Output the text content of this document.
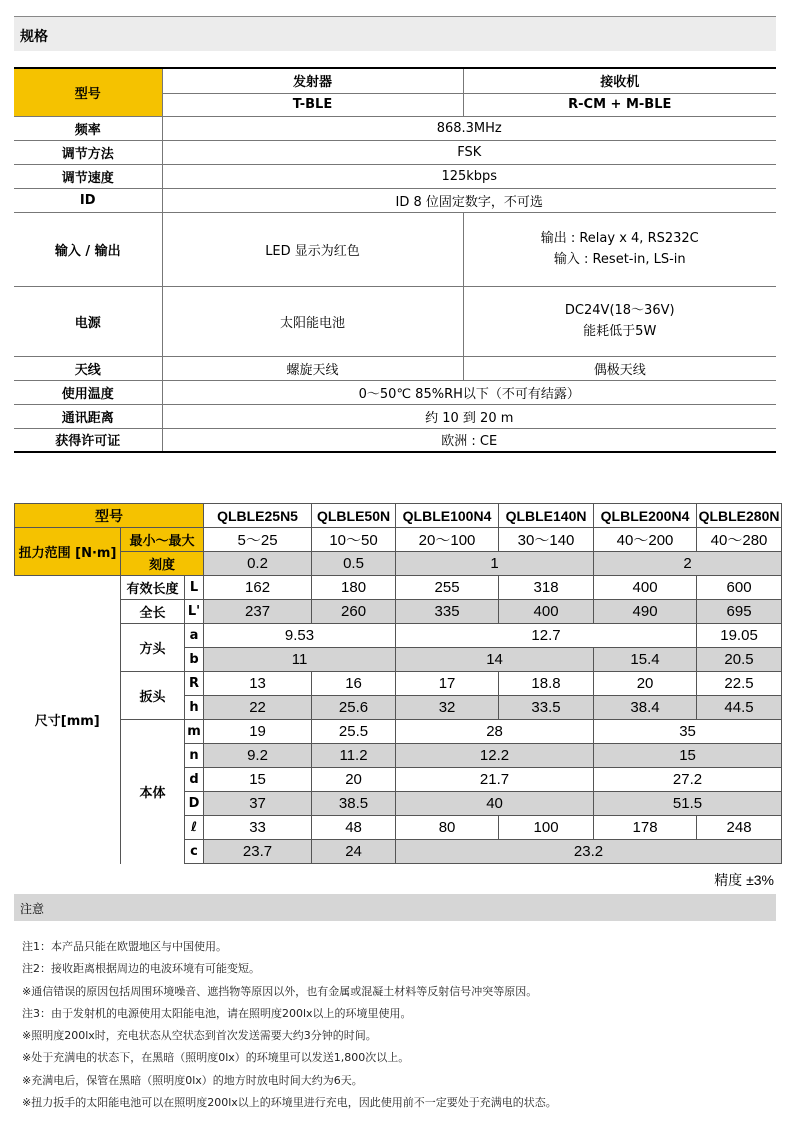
规格
型号	发射器	接收机
	T-BLE	R-CM + M-BLE
频率	868.3MHz	
调节方法	FSK	
调节速度	125kbps	
ID	ID 8 位固定数字，不可选	
输入 / 输出	LED 显示为红色	输出 : Relay x 4, RS232C
输入 : Reset-in, LS-in

电源	太阳能电池	DC24V(18～36V)
能耗低于5W

天线	螺旋天线	偶极天线
使用温度	0～50℃ 85%RH以下（不可有结露）	
通讯距离	约 10 到 20 m	
获得许可证	欧洲 : CE	
型号			QLBLE25N5	QLBLE50N	QLBLE100N4	QLBLE140N	QLBLE200N4	QLBLE280N
扭力范围 [N·m]	最小～最大		5～25	10～50	20～100	30～140	40～200	40～280
	刻度		0.2	0.5	1		2	
尺寸[mm]	有效长度	L	162	180	255	318	400	600
	全长	L'	237	260	335	400	490	695
	方头	a	9.53		12.7			19.05
		b	11		14		15.4	20.5
	扳头	R	13	16	17	18.8	20	22.5
		h	22	25.6	32	33.5	38.4	44.5
	本体	m	19	25.5	28		35	
		n	9.2	11.2	12.2		15	
		d	15	20	21.7		27.2	
		D	37	38.5	40		51.5	
		ℓ	33	48	80	100	178	248
		c	23.7	24	23.2			
精度 ±3%
注意
注1：本产品只能在欧盟地区与中国使用。
注2：接收距离根据周边的电波环境有可能变短。
※通信错误的原因包括周围环境噪音、遮挡物等原因以外，也有金属或混凝土材料等反射信号冲突等原因。
注3：由于发射机的电源使用太阳能电池，请在照明度200lx以上的环境里使用。
※照明度200lx时，充电状态从空状态到首次发送需要大约3分钟的时间。
※处于充满电的状态下，在黑暗（照明度0lx）的环境里可以发送1,800次以上。
※充满电后，保管在黑暗（照明度0lx）的地方时放电时间大约为6天。
※扭力扳手的太阳能电池可以在照明度200lx以上的环境里进行充电，因此使用前不一定要处于充满电的状态。
